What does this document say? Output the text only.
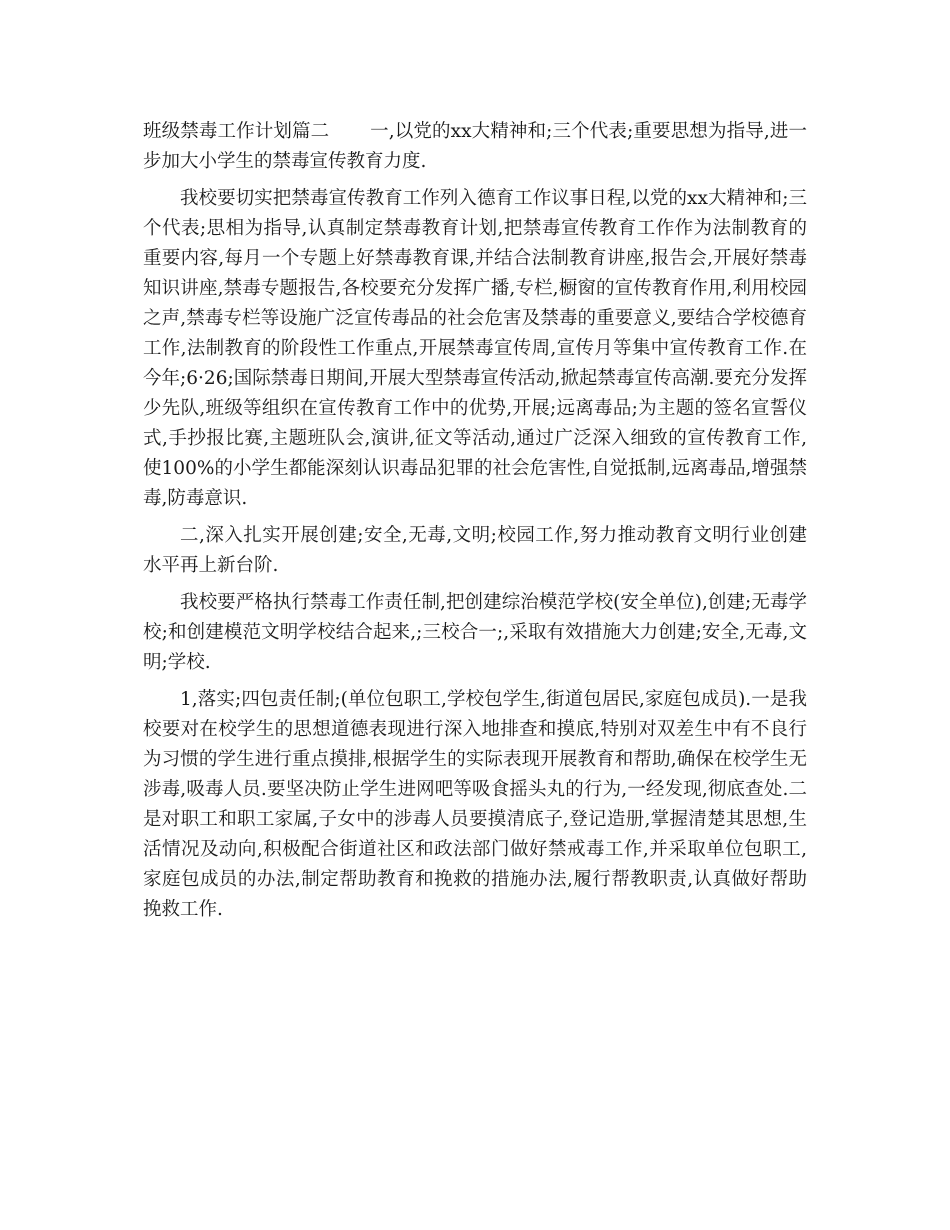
班级禁毒工作计划篇二 一,以党的xx大精神和;三个代表;重要思想为指导,进一步加大小学生的禁毒宣传教育力度.

我校要切实把禁毒宣传教育工作列入德育工作议事日程,以党的xx大精神和;三个代表;思相为指导,认真制定禁毒教育计划,把禁毒宣传教育工作作为法制教育的重要内容,每月一个专题上好禁毒教育课,并结合法制教育讲座,报告会,开展好禁毒知识讲座,禁毒专题报告,各校要充分发挥广播,专栏,橱窗的宣传教育作用,利用校园之声,禁毒专栏等设施广泛宣传毒品的社会危害及禁毒的重要意义,要结合学校德育工作,法制教育的阶段性工作重点,开展禁毒宣传周,宣传月等集中宣传教育工作.在今年;6·26;国际禁毒日期间,开展大型禁毒宣传活动,掀起禁毒宣传高潮.要充分发挥少先队,班级等组织在宣传教育工作中的优势,开展;远离毒品;为主题的签名宣誓仪式,手抄报比赛,主题班队会,演讲,征文等活动,通过广泛深入细致的宣传教育工作,使100%的小学生都能深刻认识毒品犯罪的社会危害性,自觉抵制,远离毒品,增强禁毒,防毒意识.

二,深入扎实开展创建;安全,无毒,文明;校园工作,努力推动教育文明行业创建水平再上新台阶.

我校要严格执行禁毒工作责任制,把创建综治模范学校(安全单位),创建;无毒学校;和创建模范文明学校结合起来,;三校合一;,采取有效措施大力创建;安全,无毒,文明;学校.

1,落实;四包责任制;(单位包职工,学校包学生,街道包居民,家庭包成员).一是我校要对在校学生的思想道德表现进行深入地排查和摸底,特别对双差生中有不良行为习惯的学生进行重点摸排,根据学生的实际表现开展教育和帮助,确保在校学生无涉毒,吸毒人员.要坚决防止学生进网吧等吸食摇头丸的行为,一经发现,彻底查处.二是对职工和职工家属,子女中的涉毒人员要摸清底子,登记造册,掌握清楚其思想,生活情况及动向,积极配合街道社区和政法部门做好禁戒毒工作,并采取单位包职工,家庭包成员的办法,制定帮助教育和挽救的措施办法,履行帮教职责,认真做好帮助挽救工作.
